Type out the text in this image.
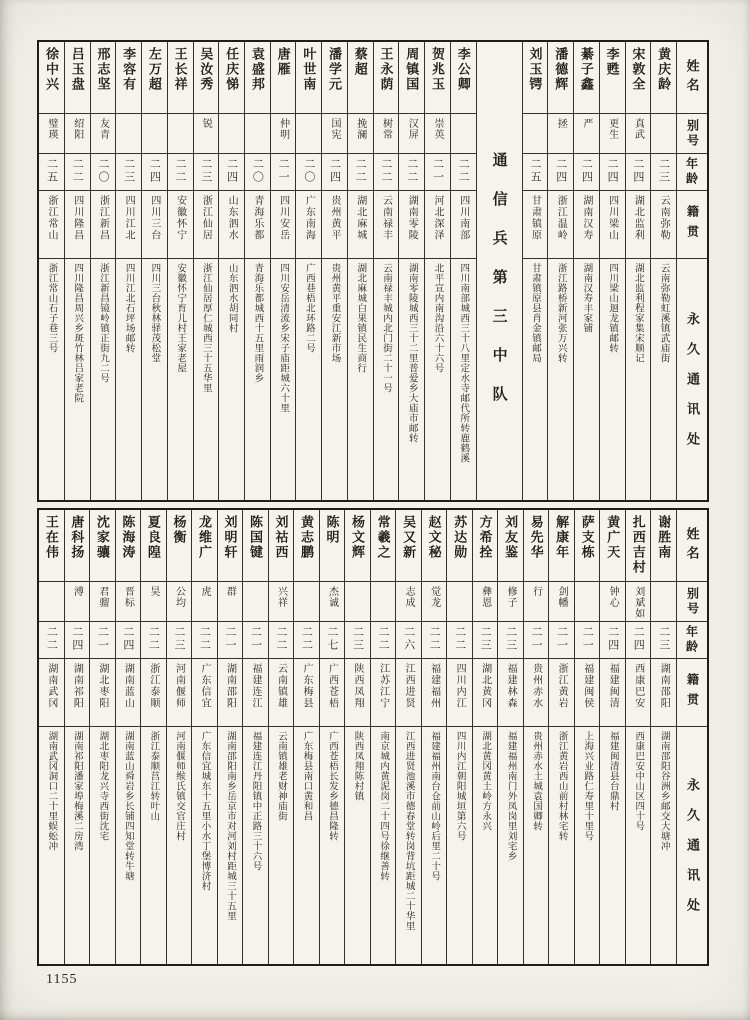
姓名
别号
年龄
籍贯
永久通讯处
黄庆龄
二三
云南弥勒
云南弥勒虹溪镇武庙街
宋敦全
真武
二四
湖北监利
湖北监利程家集宋顺记
李甦
更生
二四
四川梁山
四川梁山迴龙镇邮转
綦子鑫
严
二四
湖南汉寿
湖南汉寿丰家铺
潘德辉
拯
二四
浙江温岭
浙江路桥新河张万兴转
刘玉锷
二五
甘肃镇原
甘肃镇原县肖金镇邮局
通信兵第三中队
李公卿
二二
四川南部
四川南部城西三十八里定水寺邮代所转鹿鹤溪
贺兆玉
崇英
二一
河北深泽
北平宣内南沟沿六十六号
周镇国
汉屏
二二
湖南零陵
湖南零陵城西三十二里普爱乡大庙市邮转
王永荫
树常
二二
云南禄丰
云南禄丰城内北门街二十一号
蔡超
挽澜
二二
湖北麻城
湖北麻城白果镇民生商行
潘学元
国宪
二四
贵州黄平
贵州黄平重安江新市场
叶世南
二〇
广东南海
广西巷梧北环路二号
唐雁
仲明
二一
四川安岳
四川安岳清流乡宋子庙距城六十里
袁盛邦
二〇
青海乐都
青海乐都城西十五里雨润乡
任庆悌
二四
山东泗水
山东泗水胡同村
吴汝秀
锐
二三
浙江仙居
浙江仙居厚仁城西三十五华里
王长祥
二二
安徽怀宁
安徽怀宁育儿村王家老屋
左万超
二四
四川三台
四川三台秋林驿茂松堂
李容有
二三
四川江北
四川江北石坪场邮转
邢志坚
友青
二〇
浙江新昌
浙江新昌镜岭镇正街九二号
吕玉盘
绍阳
二二
四川隆昌
四川隆昌周兴乡斑竹林吕家老院
徐中兴
璧瑛
二五
浙江常山
浙江常山石子巷三号
姓名
别号
年龄
籍贯
永久通讯处
谢胜南
二三
湖南邵阳
湖南邵阳谷洲乡邮交大塘冲
扎西吉村
刘斌如
二四
西康巴安
西康巴安中山区四十号
黄广天
钟心
二四
福建闽清
福建闽清县台鼎村
萨支栋
二一
福建闽侯
上海兴业路仁寿里十里号
解康年
剑幡
二一
浙江黄岩
浙江黄岩西山前村林宅转
易先华
行
二一
贵州赤水
贵州赤水土城袁国卿转
刘友鉴
修子
二三
福建林森
福建福州南门外凤岗里刘宅乡
方希拴
彝恩
二三
湖北黄冈
湖北黄冈黄土岭方永兴
苏达勋
二二
四川内江
四川内江朝阳城垣第六号
赵文秘
觉龙
二二
福建福州
福建福州南台仓前山岭后里二十号
吴又新
志成
二六
江西进贤
江西进贤池溪市德春堂转岗背坑距城二十华里
常羲之
二二
江苏江宁
南京城内黄泥岗二十四号徐继善转
杨文辉
二三
陕西凤翔
陕西凤翔陈村镇
陈明
杰诚
二七
广西苍梧
广西苍梧长发乡德昌隆转
黄志鹏
二二
广东梅县
广东梅县南口黄和昌
刘祜西
兴祥
二二
云南镇雄
云南镇雄老财神庙街
陈国键
二一
福建连江
福建连江丹阳镇中正路三十六号
刘明轩
群
二一
湖南邵阳
湖南邵阳南乡岳京市对河刘村距城三十五里
龙维广
虎
二二
广东信宜
广东信宜城东十五里小水丁堡博济村
杨衡
公均
二三
河南偃师
河南偃师缑氏镇交官庄村
夏良隍
昊
二二
浙江泰顺
浙江泰顺莒江转叶山
陈海涛
晋标
二四
湖南蓝山
湖南蓝山舜岩乡长铺四知堂转牛塘
沈家骧
君骝
二一
湖北枣阳
湖北枣阳龙兴寺西街沈宅
唐科扬
溥
二四
湖南祁阳
湖南祁阳潘家埠梅溪二房湾
王在伟
二二
湖南武冈
湖南武冈洞口二十里蜈蚣冲
1155
